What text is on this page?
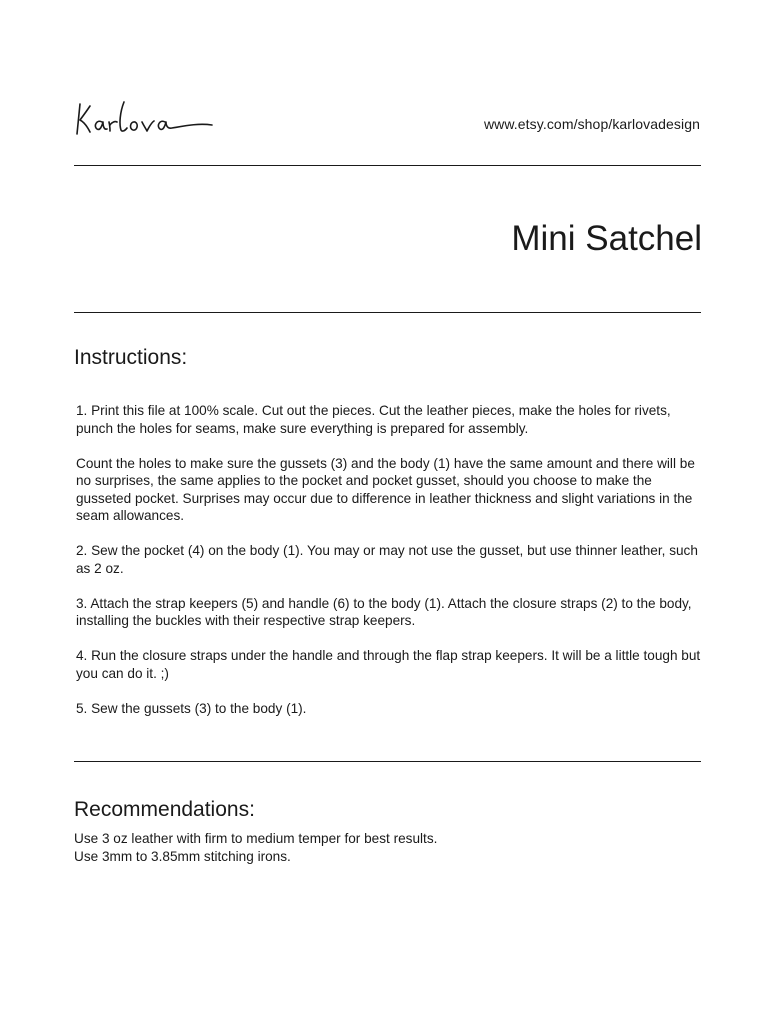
www.etsy.com/shop/karlovadesign
Mini Satchel
Instructions:

1. Print this file at 100% scale. Cut out the pieces. Cut the leather pieces, make the holes for rivets, punch the holes for seams, make sure everything is prepared for assembly.

Count the holes to make sure the gussets (3) and the body (1) have the same amount and there will be no surprises, the same applies to the pocket and pocket gusset, should you choose to make the gusseted pocket. Surprises may occur due to difference in leather thickness and slight variations in the seam allowances.

2. Sew the pocket (4) on the body (1). You may or may not use the gusset, but use thinner leather, such as 2 oz.

3. Attach the strap keepers (5) and handle (6) to the body (1). Attach the closure straps (2) to the body, installing the buckles with their respective strap keepers.

4. Run the closure straps under the handle and through the flap strap keepers. It will be a little tough but you can do it. ;)

5. Sew the gussets (3) to the body (1).

Recommendations:

Use 3 oz leather with firm to medium temper for best results.

Use 3mm to 3.85mm stitching irons.
